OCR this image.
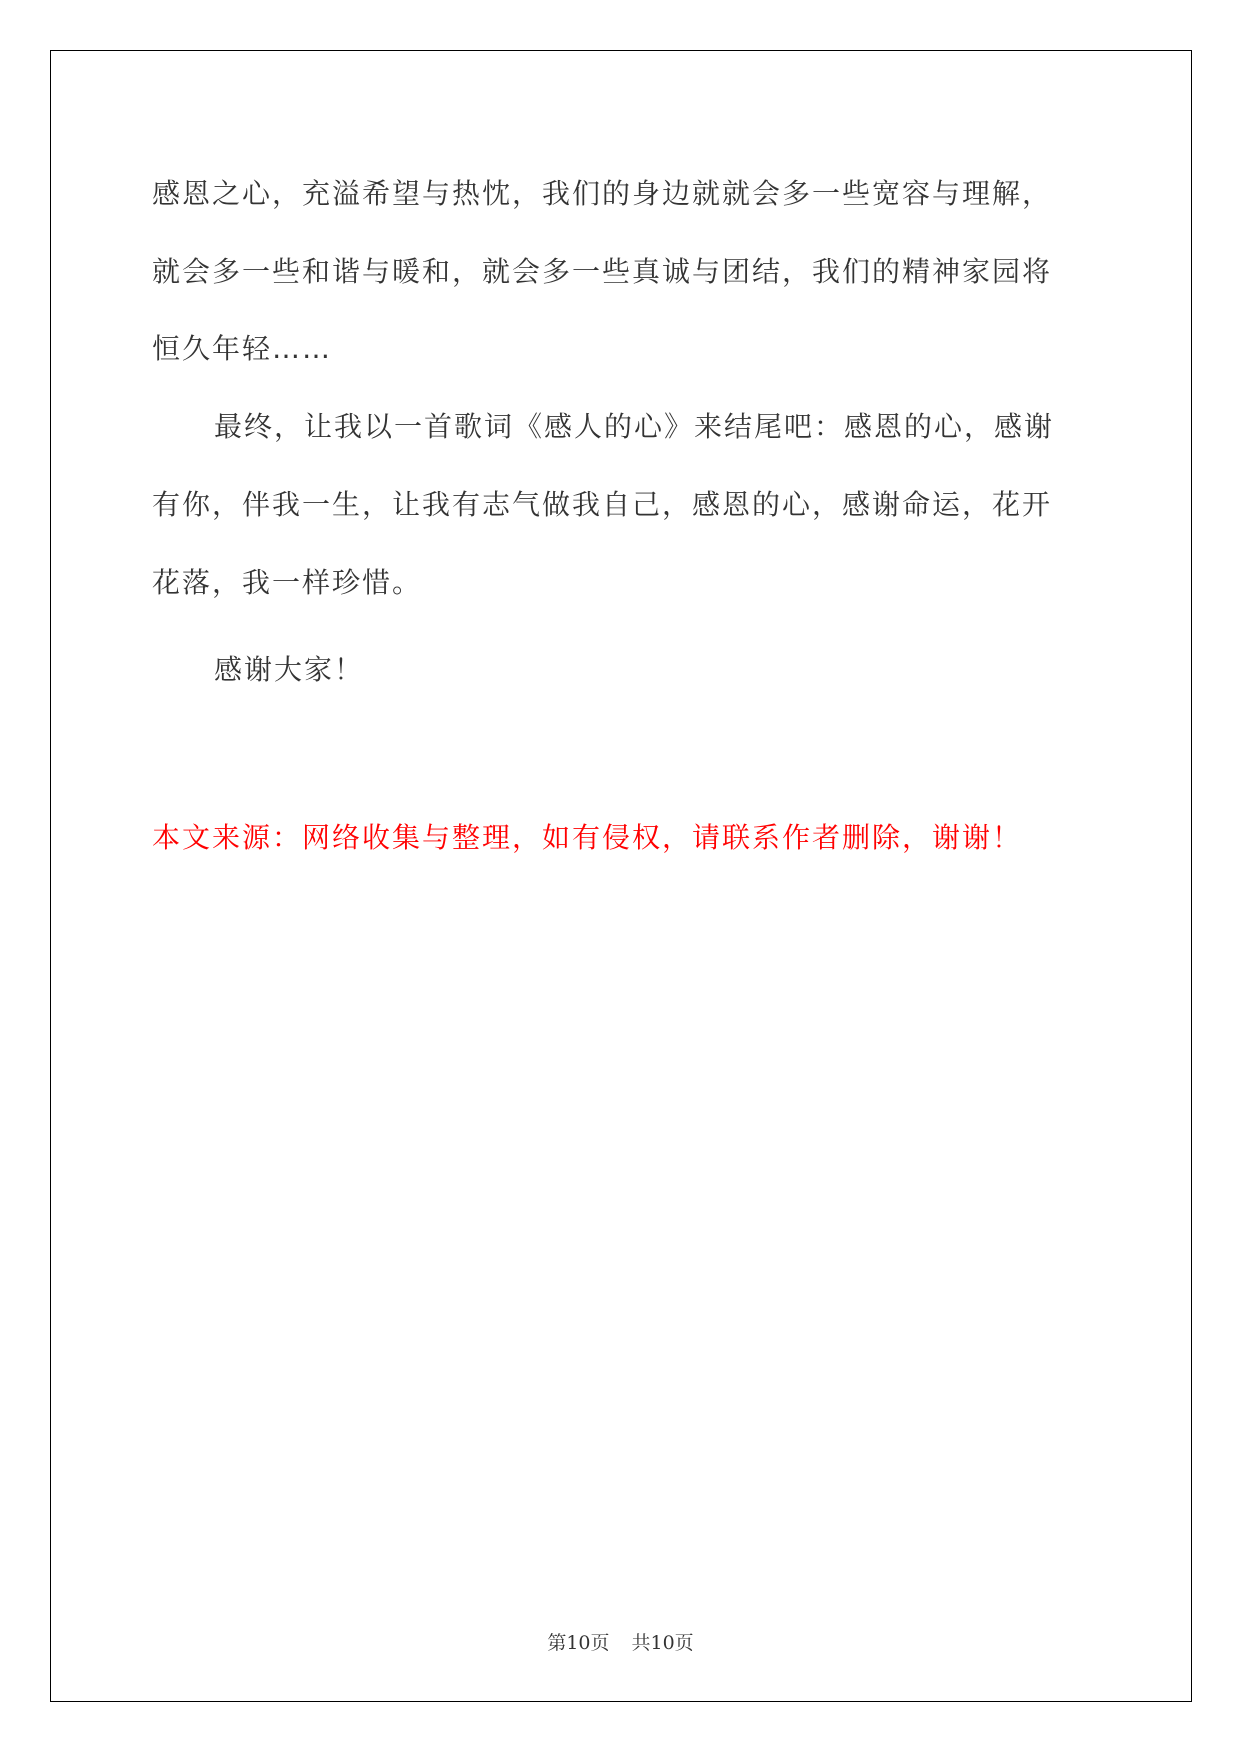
感恩之心，充溢希望与热忱，我们的身边就就会多一些宽容与理解，
就会多一些和谐与暖和，就会多一些真诚与团结，我们的精神家园将
恒久年轻……
最终，让我以一首歌词《感人的心》来结尾吧：感恩的心，感谢
有你，伴我一生，让我有志气做我自己，感恩的心，感谢命运，花开
花落，我一样珍惜。
感谢大家！
本文来源：网络收集与整理，如有侵权，请联系作者删除，谢谢！
第10页 共10页
